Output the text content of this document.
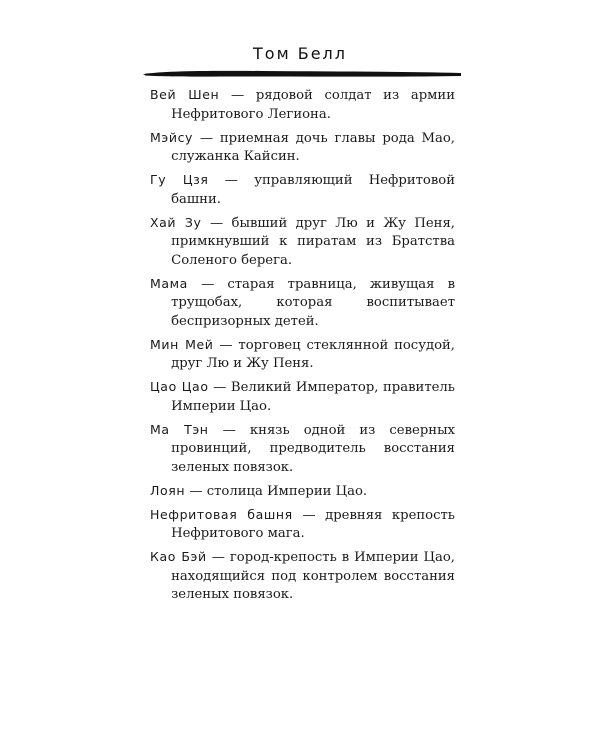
Том Белл
Вей Шен — рядовой солдат из армии Нефритового Легиона.
Мэйсу — приемная дочь главы рода Мао, служанка Кайсин.
Гу Цзя — управляющий Нефритовой башни.
Хай Зу — бывший друг Лю и Жу Пеня, примкнувший к пиратам из Братства Соленого берега.
Мама — старая травница, живущая в трущобах, которая воспитывает беспризорных детей.
Мин Мей — торговец стеклянной посудой, друг Лю и Жу Пеня.
Цао Цао — Великий Император, правитель Империи Цао.
Ма Тэн — князь одной из северных провинций, предводитель восстания зеленых повязок.
Лоян — столица Империи Цао.
Нефритовая башня — древняя крепость Нефритового мага.
Као Бэй — город-крепость в Империи Цао, находящийся под контролем восстания зеленых повязок.
